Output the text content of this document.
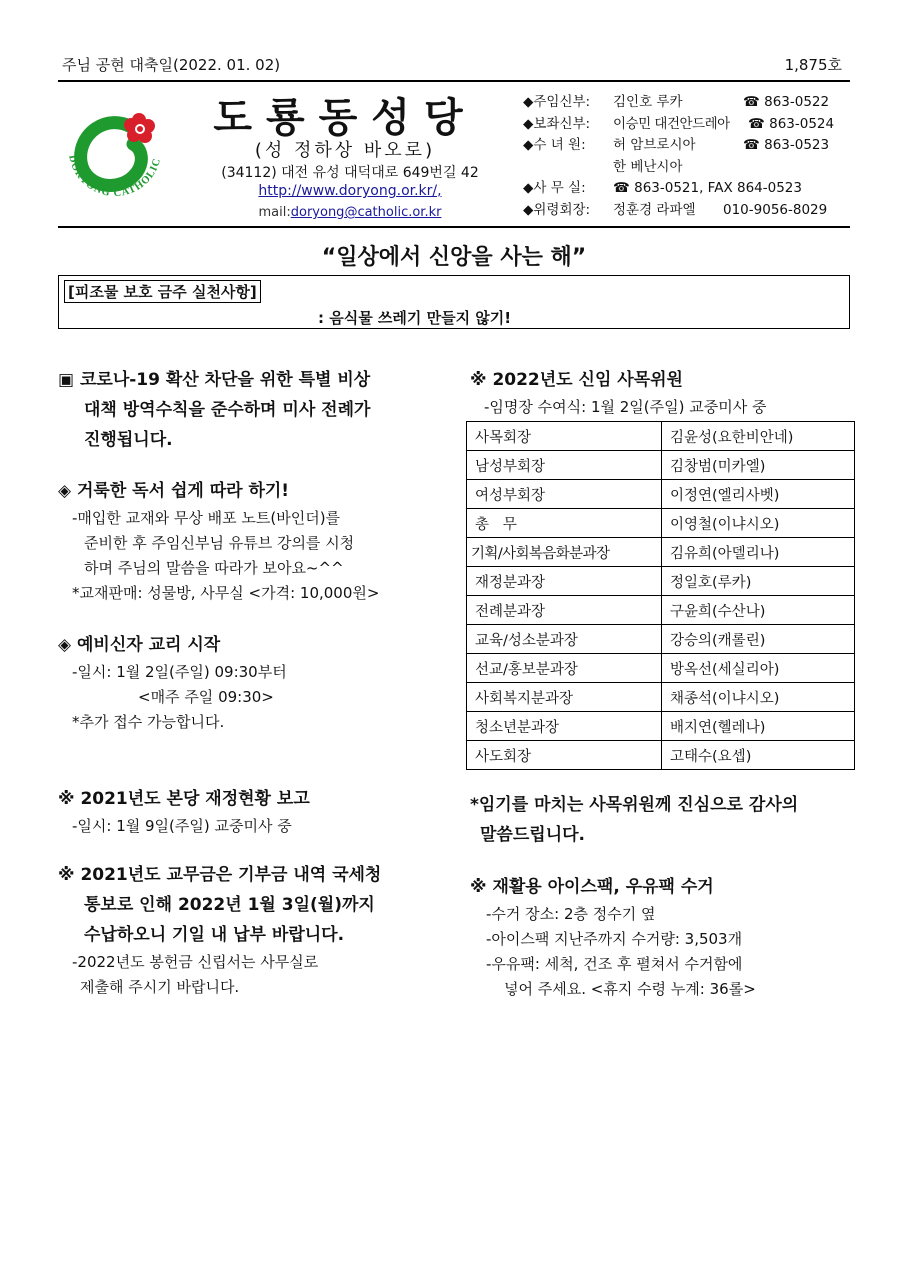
주님 공현 대축일(2022. 01. 02)	1,875호
DORYONG CATHOLIC
도룡동성당
(성 정하상 바오로)
(34112) 대전 유성 대덕대로 649번길 42
http://www.doryong.or.kr/,
mail:doryong@catholic.or.kr
◆주임신부:	김인호 루카	☎ 863-0522
◆보좌신부:	이승민 대건안드레아	☎ 863-0524
◆수 녀 원:	허 암브로시아	☎ 863-0523
한 베난시아
◆사 무 실:	☎ 863-0521, FAX 864-0523
◆위령회장:	정훈경 라파엘	010-9056-8029
“일상에서 신앙을 사는 해”
[피조물 보호 금주 실천사항]
: 음식물 쓰레기 만들지 않기!
▣ 코로나-19 확산 차단을 위한 특별 비상
대책 방역수칙을 준수하며 미사 전례가
진행됩니다.
◈ 거룩한 독서 쉽게 따라 하기!
-매입한 교재와 무상 배포 노트(바인더)를
준비한 후 주임신부님 유튜브 강의를 시청
하며 주님의 말씀을 따라가 보아요~^^
*교재판매: 성물방, 사무실 <가격: 10,000원>
◈ 예비신자 교리 시작
-일시: 1월 2일(주일) 09:30부터
<매주 주일 09:30>
*추가 접수 가능합니다.
※ 2021년도 본당 재정현황 보고
-일시: 1월 9일(주일) 교중미사 중
※ 2021년도 교무금은 기부금 내역 국세청
통보로 인해 2022년 1월 3일(월)까지
수납하오니 기일 내 납부 바랍니다.
-2022년도 봉헌금 신립서는 사무실로
제출해 주시기 바랍니다.
※ 2022년도 신임 사목위원
-임명장 수여식: 1월 2일(주일) 교중미사 중
사목회장	김윤성(요한비안네)
남성부회장	김창범(미카엘)
여성부회장	이정연(엘리사벳)
총   무	이영철(이냐시오)
기획/사회복음화분과장	김유희(아델리나)
재정분과장	정일호(루카)
전례분과장	구윤희(수산나)
교육/성소분과장	강승의(캐롤린)
선교/홍보분과장	방옥선(세실리아)
사회복지분과장	채종석(이냐시오)
청소년분과장	배지연(헬레나)
사도회장	고태수(요셉)
*임기를 마치는 사목위원께 진심으로 감사의
말씀드립니다.
※ 재활용 아이스팩, 우유팩 수거
-수거 장소: 2층 정수기 옆
-아이스팩 지난주까지 수거량: 3,503개
-우유팩: 세척, 건조 후 펼쳐서 수거함에
넣어 주세요. <휴지 수령 누계: 36롤>
